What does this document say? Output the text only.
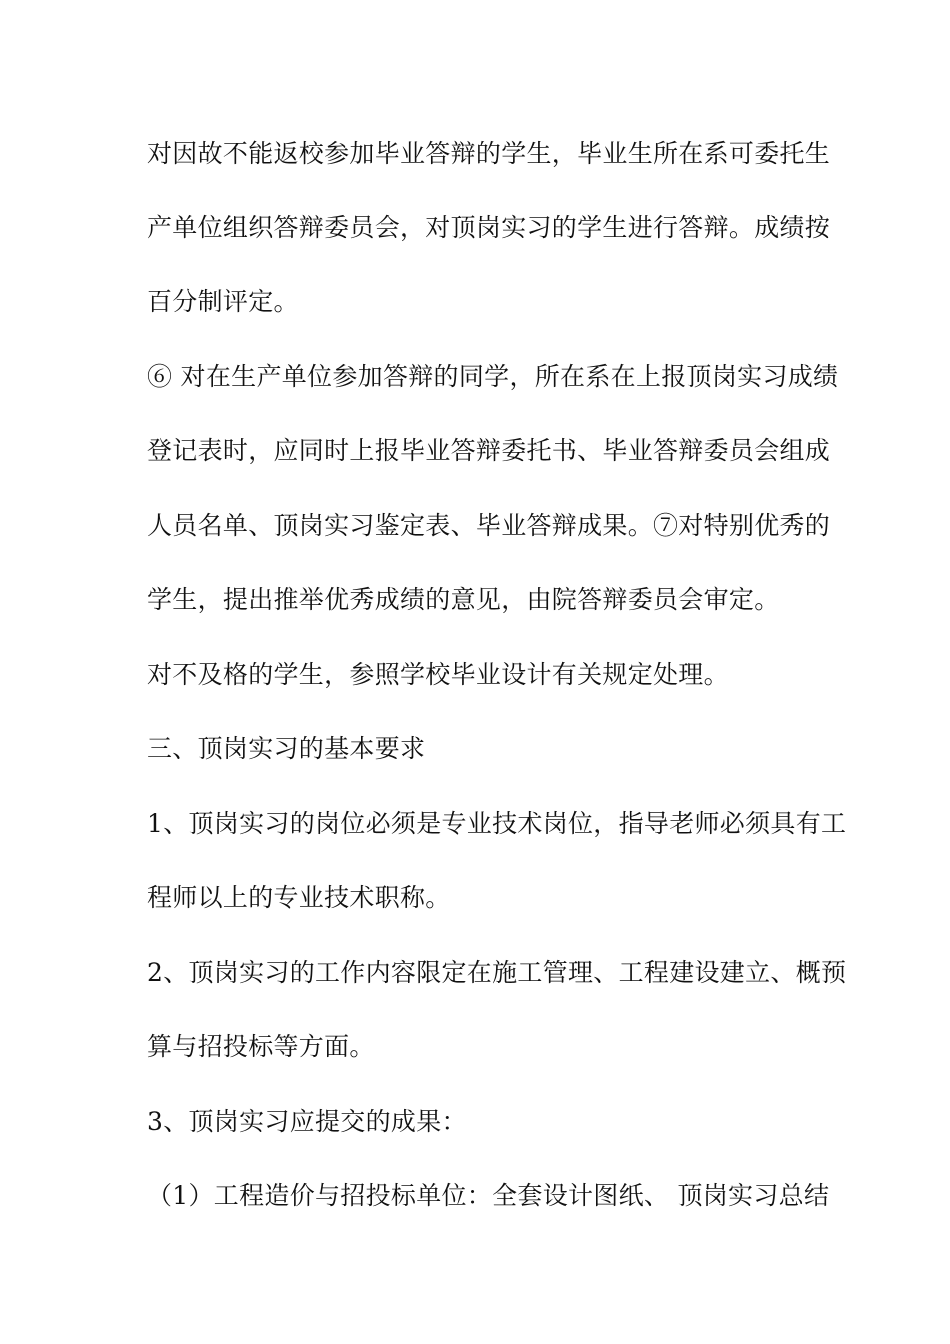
对因故不能返校参加毕业答辩的学生，毕业生所在系可委托生
产单位组织答辩委员会，对顶岗实习的学生进行答辩。成绩按
百分制评定。
⑥ 对在生产单位参加答辩的同学，所在系在上报顶岗实习成绩
登记表时，应同时上报毕业答辩委托书、毕业答辩委员会组成
人员名单、顶岗实习鉴定表、毕业答辩成果。⑦对特别优秀的
学生，提出推举优秀成绩的意见，由院答辩委员会审定。
对不及格的学生，参照学校毕业设计有关规定处理。
三、顶岗实习的基本要求
1、顶岗实习的岗位必须是专业技术岗位，指导老师必须具有工
程师以上的专业技术职称。
2、顶岗实习的工作内容限定在施工管理、工程建设建立、概预
算与招投标等方面。
3、顶岗实习应提交的成果：
（1）工程造价与招投标单位：全套设计图纸、 顶岗实习总结
